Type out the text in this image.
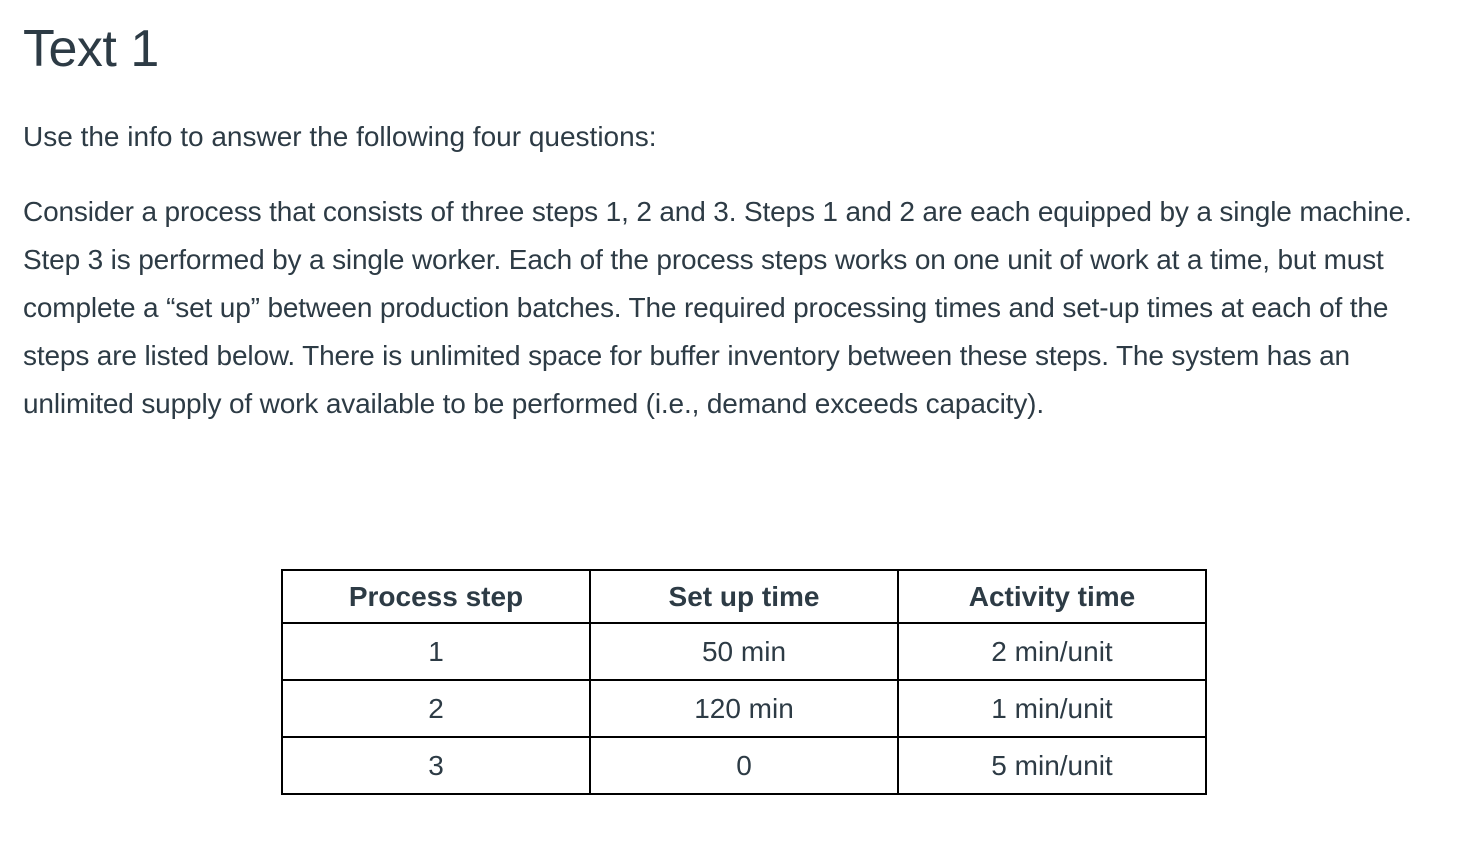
Text 1

Use the info to answer the following four questions:

Consider a process that consists of three steps 1, 2 and 3. Steps 1 and 2 are each equipped by a single machine. Step 3 is performed by a single worker. Each of the process steps works on one unit of work at a time, but must complete a “set up” between production batches. The required processing times and set-up times at each of the steps are listed below. There is unlimited space for buffer inventory between these steps. The system has an unlimited supply of work available to be performed (i.e., demand exceeds capacity).

Process step	Set up time	Activity time
1	50 min	2 min/unit
2	120 min	1 min/unit
3	0	5 min/unit
